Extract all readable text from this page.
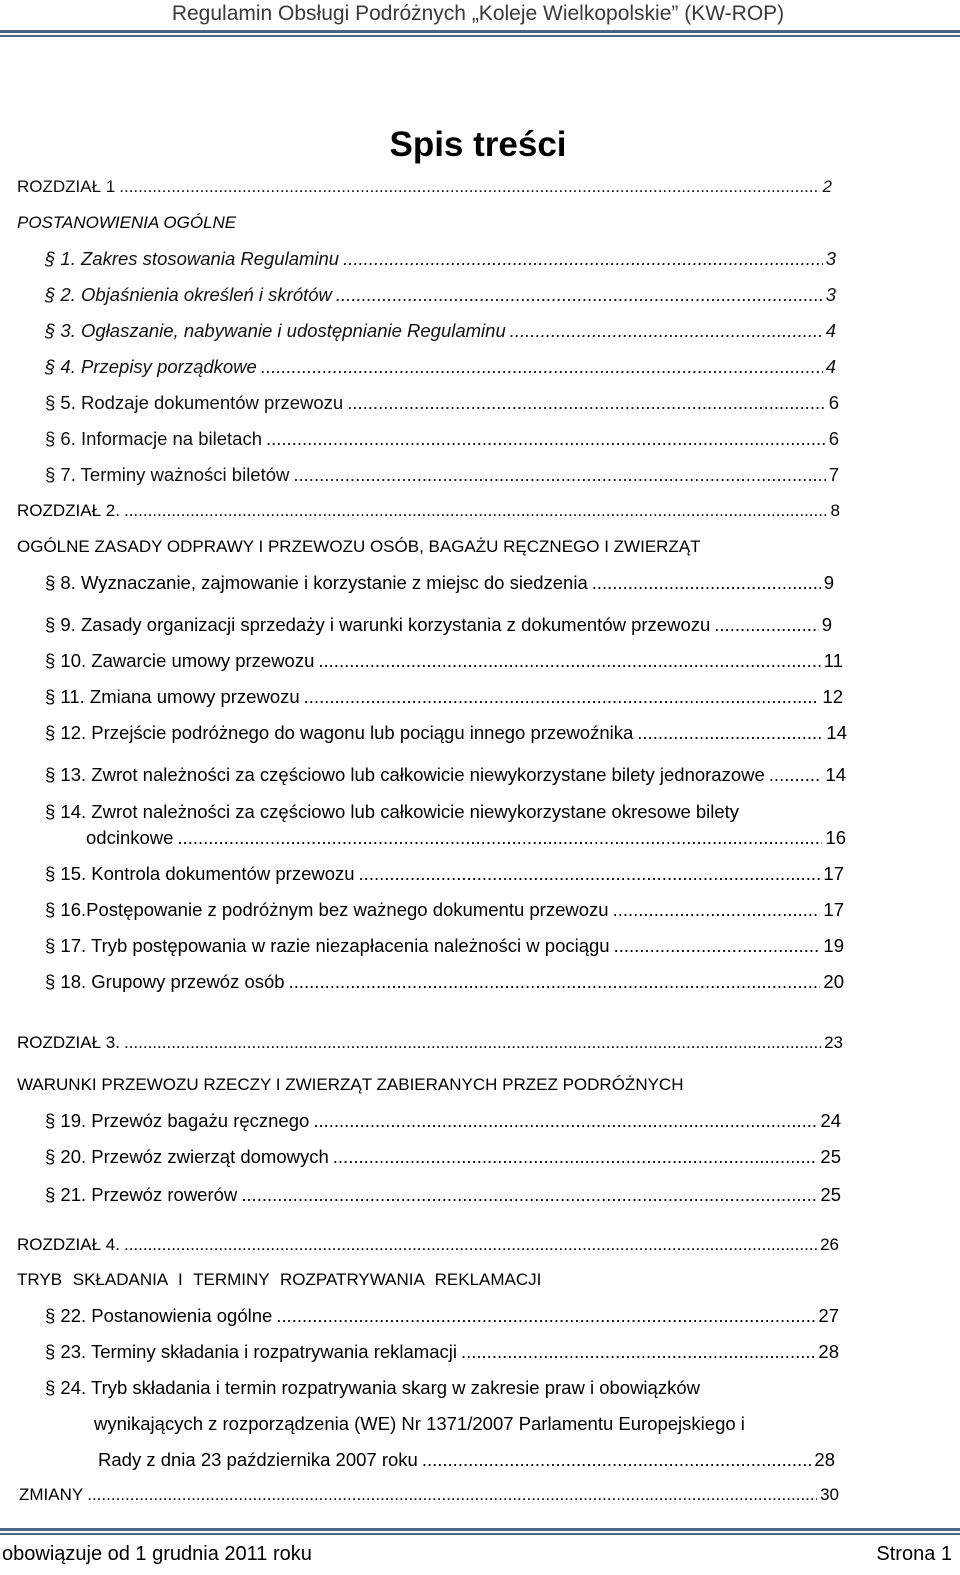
Regulamin Obsługi Podróżnych „Koleje Wielkopolskie” (KW-ROP)
Spis treści
ROZDZIAŁ 1 .....	2
POSTANOWIENIA OGÓLNE
§ 1. Zakres stosowania Regulaminu .....	3
§ 2. Objaśnienia określeń i skrótów .....	3
§ 3. Ogłaszanie, nabywanie i udostępnianie Regulaminu .....	4
§ 4. Przepisy porządkowe .....	4
§ 5. Rodzaje dokumentów przewozu .....	6
§ 6. Informacje na biletach .....	6
§ 7. Terminy ważności biletów .....	7
ROZDZIAŁ 2. .....	8
OGÓLNE ZASADY ODPRAWY I PRZEWOZU OSÓB, BAGAŻU RĘCZNEGO I ZWIERZĄT
§ 8. Wyznaczanie, zajmowanie i korzystanie z miejsc do siedzenia .....	9
§ 9. Zasady organizacji sprzedaży i warunki korzystania z dokumentów przewozu .....	9
§ 10. Zawarcie umowy przewozu .....	11
§ 11. Zmiana umowy przewozu .....	12
§ 12. Przejście podróżnego do wagonu lub pociągu innego przewoźnika .....	14
§ 13. Zwrot należności za częściowo lub całkowicie niewykorzystane bilety jednorazowe .....	14
§ 14. Zwrot należności za częściowo lub całkowicie niewykorzystane okresowe bilety
odcinkowe .....	16
§ 15. Kontrola dokumentów przewozu .....	17
§ 16.Postępowanie z podróżnym bez ważnego dokumentu przewozu .....	17
§ 17. Tryb postępowania w razie niezapłacenia należności w pociągu .....	19
§ 18. Grupowy przewóz osób .....	20
ROZDZIAŁ 3. .....	23
WARUNKI PRZEWOZU RZECZY I ZWIERZĄT ZABIERANYCH PRZEZ PODRÓŻNYCH
§ 19. Przewóz bagażu ręcznego .....	24
§ 20. Przewóz zwierząt domowych .....	25
§ 21. Przewóz rowerów .....	25
ROZDZIAŁ 4. .....	26
TRYB SKŁADANIA I TERMINY ROZPATRYWANIA REKLAMACJI
§ 22. Postanowienia ogólne .....	27
§ 23. Terminy składania i rozpatrywania reklamacji .....	28
§ 24. Tryb składania i termin rozpatrywania skarg w zakresie praw i obowiązków
wynikających z rozporządzenia (WE) Nr 1371/2007 Parlamentu Europejskiego i
Rady z dnia 23 października 2007 roku .....	28
ZMIANY .....	30
obowiązuje od 1 grudnia 2011 roku	Strona 1
